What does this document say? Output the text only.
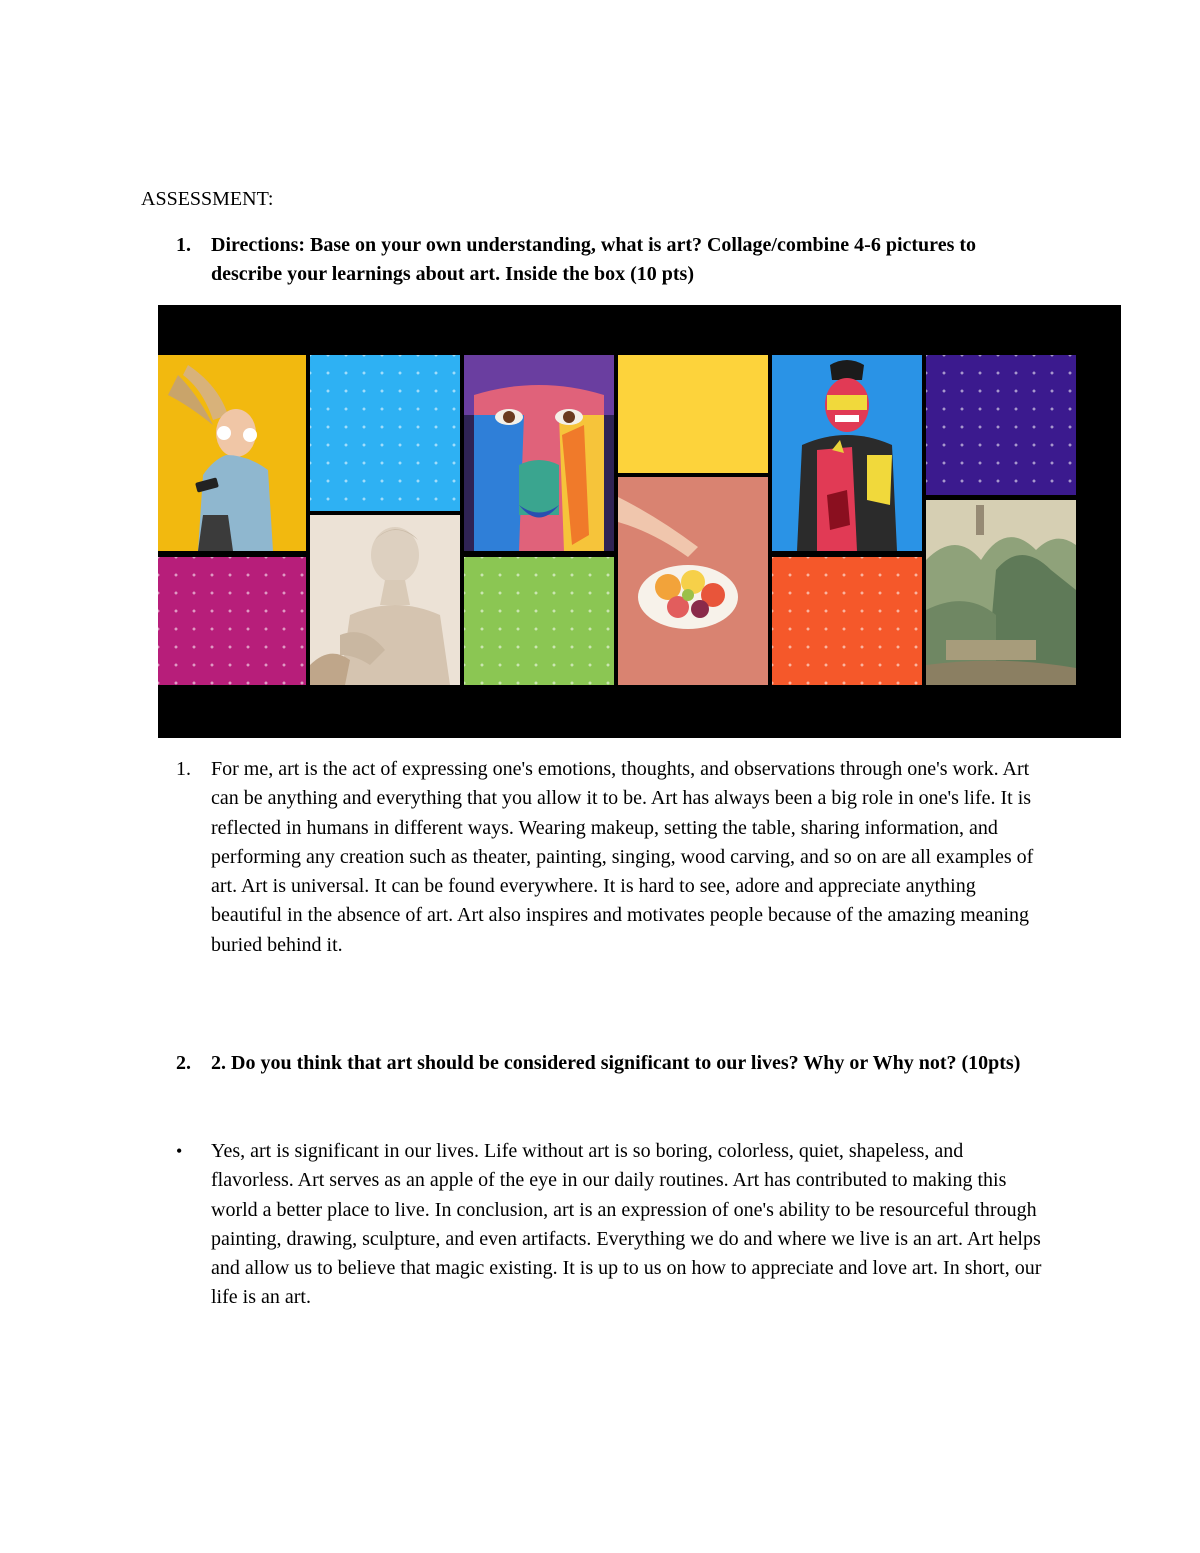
ASSESSMENT:
1. Directions: Base on your own understanding, what is art? Collage/combine 4-6 pictures to describe your learnings about art. Inside the box (10 pts)
1. For me, art is the act of expressing one's emotions, thoughts, and observations through one's work. Art can be anything and everything that you allow it to be. Art has always been a big role in one's life. It is reflected in humans in different ways. Wearing makeup, setting the table, sharing information, and performing any creation such as theater, painting, singing, wood carving, and so on are all examples of art. Art is universal. It can be found everywhere. It is hard to see, adore and appreciate anything beautiful in the absence of art. Art also inspires and motivates people because of the amazing meaning buried behind it.
2. 2. Do you think that art should be considered significant to our lives? Why or Why not? (10pts)
• Yes, art is significant in our lives. Life without art is so boring, colorless, quiet, shapeless, and flavorless. Art serves as an apple of the eye in our daily routines. Art has contributed to making this world a better place to live. In conclusion, art is an expression of one's ability to be resourceful through painting, drawing, sculpture, and even artifacts. Everything we do and where we live is an art. Art helps and allow us to believe that magic existing. It is up to us on how to appreciate and love art. In short, our life is an art.
